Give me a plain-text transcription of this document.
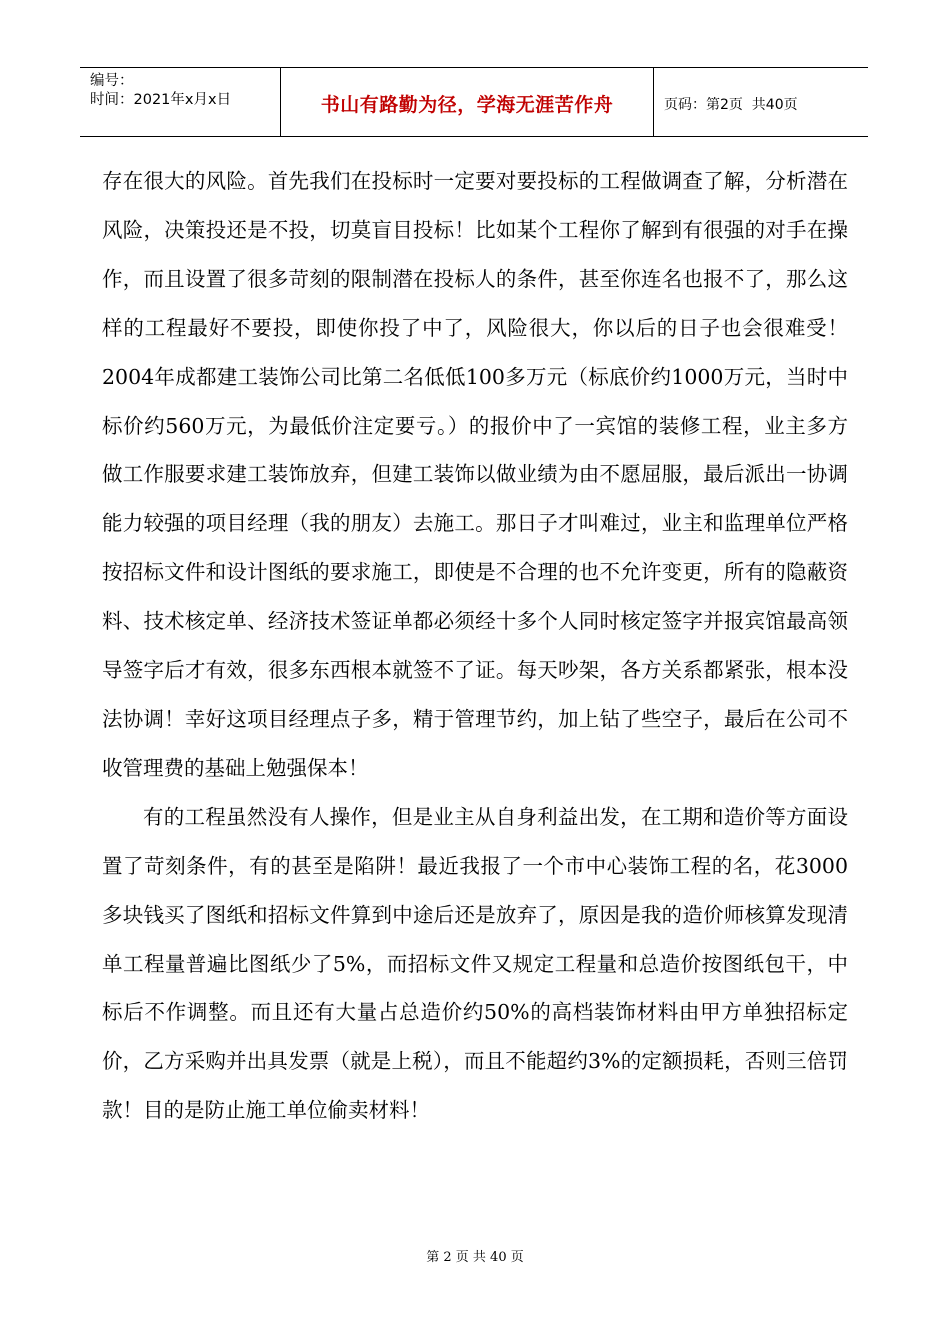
编号：
时间：2021年x月x日	书山有路勤为径，学海无涯苦作舟	页码：第2页  共40页

存在很大的风险。首先我们在投标时一定要对要投标的工程做调查了解，分析潜在风险，决策投还是不投，切莫盲目投标！比如某个工程你了解到有很强的对手在操作，而且设置了很多苛刻的限制潜在投标人的条件，甚至你连名也报不了，那么这样的工程最好不要投，即使你投了中了，风险很大，你以后的日子也会很难受！2004年成都建工装饰公司比第二名低低100多万元（标底价约1000万元，当时中标价约560万元，为最低价注定要亏。）的报价中了一宾馆的装修工程，业主多方做工作服要求建工装饰放弃，但建工装饰以做业绩为由不愿屈服，最后派出一协调能力较强的项目经理（我的朋友）去施工。那日子才叫难过，业主和监理单位严格按招标文件和设计图纸的要求施工，即使是不合理的也不允许变更，所有的隐蔽资料、技术核定单、经济技术签证单都必须经十多个人同时核定签字并报宾馆最高领导签字后才有效，很多东西根本就签不了证。每天吵架，各方关系都紧张，根本没法协调！幸好这项目经理点子多，精于管理节约，加上钻了些空子，最后在公司不收管理费的基础上勉强保本！

有的工程虽然没有人操作，但是业主从自身利益出发，在工期和造价等方面设置了苛刻条件，有的甚至是陷阱！最近我报了一个市中心装饰工程的名，花3000多块钱买了图纸和招标文件算到中途后还是放弃了，原因是我的造价师核算发现清单工程量普遍比图纸少了5%，而招标文件又规定工程量和总造价按图纸包干，中标后不作调整。而且还有大量占总造价约50%的高档装饰材料由甲方单独招标定价，乙方采购并出具发票（就是上税），而且不能超约3%的定额损耗，否则三倍罚款！目的是防止施工单位偷卖材料！

第 2 页 共 40 页
